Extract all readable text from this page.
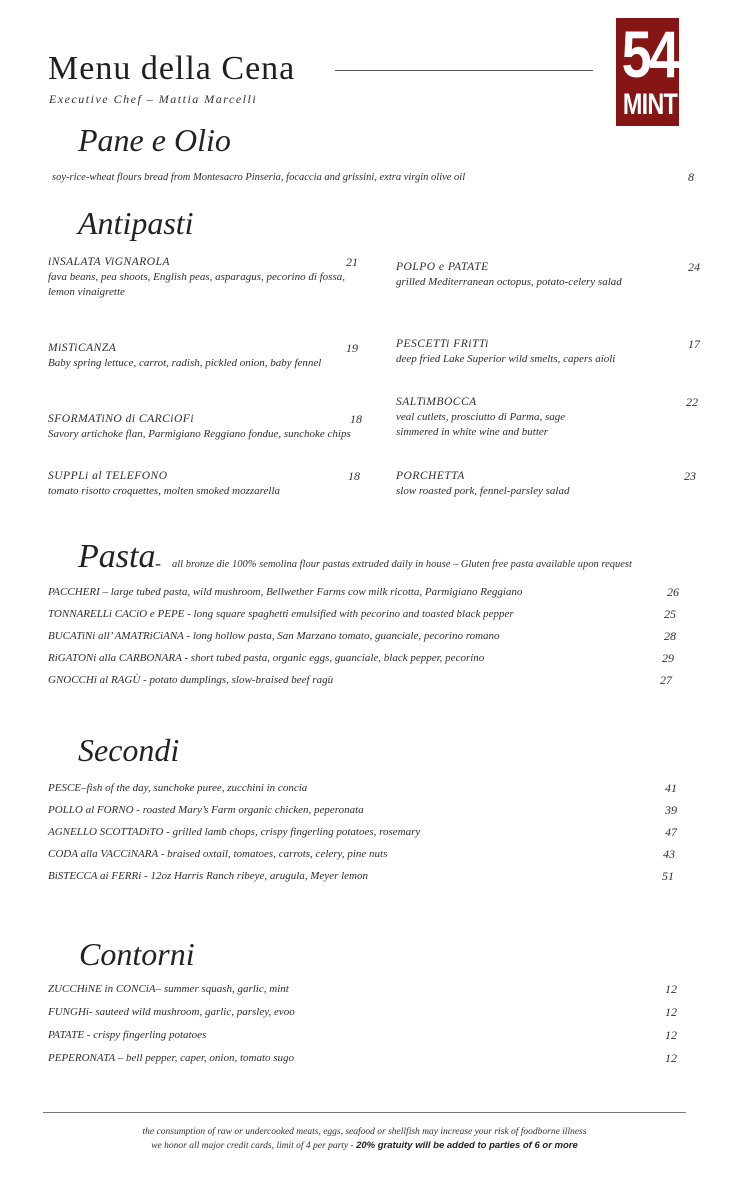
Menu della Cena
Executive Chef – Mattia Marcelli
54
MINT
Pane e Olio
soy-rice-wheat flours bread from Montesacro Pinseria, focaccia and grissini, extra virgin olive oil	8
Antipasti
iNSALATA ViGNAROLA	21
fava beans, pea shoots, English peas, asparagus, pecorino di fossa, lemon vinaigrette
MiSTiCANZA	19
Baby spring lettuce, carrot, radish, pickled onion, baby fennel
SFORMATiNO di CARCiOFi	18
Savory artichoke flan, Parmigiano Reggiano fondue, sunchoke chips
SUPPLi al TELEFONO	18
tomato risotto croquettes, molten smoked mozzarella
POLPO e PATATE	24
grilled Mediterranean octopus, potato-celery salad
PESCETTi FRiTTi	17
deep fried Lake Superior wild smelts, capers aioli
SALTiMBOCCA	22
veal cutlets, prosciutto di Parma, sage
simmered in white wine and butter
PORCHETTA	23
slow roasted pork, fennel-parsley salad
Pasta - all bronze die 100% semolina flour pastas extruded daily in house – Gluten free pasta available upon request
PACCHERI – large tubed pasta, wild mushroom, Bellwether Farms cow milk ricotta, Parmigiano Reggiano	26
TONNARELLi CACiO e PEPE - long square spaghetti emulsified with pecorino and toasted black pepper	25
BUCATiNi all’ AMATRiCiANA - long hollow pasta, San Marzano tomato, guanciale, pecorino romano	28
RiGATONi alla CARBONARA - short tubed pasta, organic eggs, guanciale, black pepper, pecorino	29
GNOCCHi al RAGÙ - potato dumplings, slow-braised beef ragù	27
Secondi
PESCE–fish of the day, sunchoke puree, zucchini in concia	41
POLLO al FORNO - roasted Mary’s Farm organic chicken, peperonata	39
AGNELLO SCOTTADiTO - grilled lamb chops, crispy fingerling potatoes, rosemary	47
CODA alla VACCiNARA - braised oxtail, tomatoes, carrots, celery, pine nuts	43
BiSTECCA ai FERRi - 12oz Harris Ranch ribeye, arugula, Meyer lemon	51
Contorni
ZUCCHiNE in CONCiA– summer squash, garlic, mint	12
FUNGHi- sauteed wild mushroom, garlic, parsley, evoo	12
PATATE - crispy fingerling potatoes	12
PEPERONATA – bell pepper, caper, onion, tomato sugo	12
the consumption of raw or undercooked meats, eggs, seafood or shellfish may increase your risk of foodborne illness
we honor all major credit cards, limit of 4 per party - 20% gratuity will be added to parties of 6 or more
